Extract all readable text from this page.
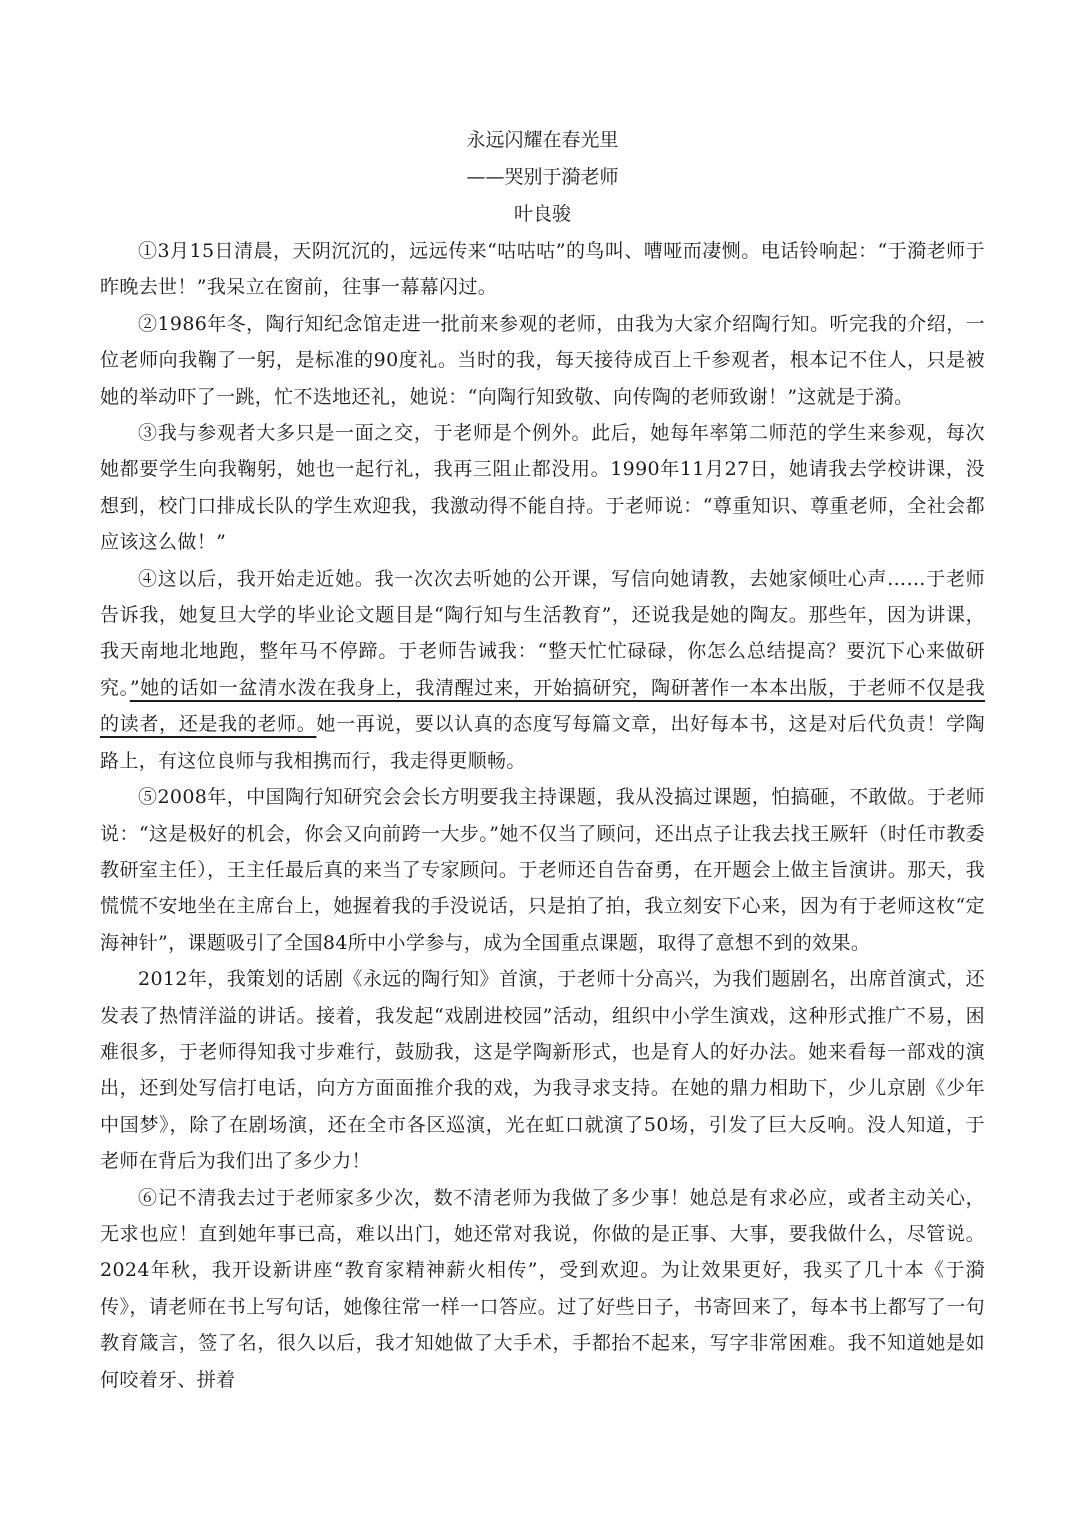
永远闪耀在春光里
——哭别于漪老师
叶良骏

①3月15日清晨，天阴沉沉的，远远传来“咕咕咕”的鸟叫、嘈哑而凄恻。电话铃响起：“于漪老师于昨晚去世！”我呆立在窗前，往事一幕幕闪过。

②1986年冬，陶行知纪念馆走进一批前来参观的老师，由我为大家介绍陶行知。听完我的介绍，一位老师向我鞠了一躬，是标准的90度礼。当时的我，每天接待成百上千参观者，根本记不住人，只是被她的举动吓了一跳，忙不迭地还礼，她说：“向陶行知致敬、向传陶的老师致谢！”这就是于漪。

③我与参观者大多只是一面之交，于老师是个例外。此后，她每年率第二师范的学生来参观，每次她都要学生向我鞠躬，她也一起行礼，我再三阻止都没用。1990年11月27日，她请我去学校讲课，没想到，校门口排成长队的学生欢迎我，我激动得不能自持。于老师说：“尊重知识、尊重老师，全社会都应该这么做！”

④这以后，我开始走近她。我一次次去听她的公开课，写信向她请教，去她家倾吐心声……于老师告诉我，她复旦大学的毕业论文题目是“陶行知与生活教育”，还说我是她的陶友。那些年，因为讲课，我天南地北地跑，整年马不停蹄。于老师告诫我：“整天忙忙碌碌，你怎么总结提高？要沉下心来做研究。”她的话如一盆清水泼在我身上，我清醒过来，开始搞研究，陶研著作一本本出版，于老师不仅是我的读者，还是我的老师。她一再说，要以认真的态度写每篇文章，出好每本书，这是对后代负责！学陶路上，有这位良师与我相携而行，我走得更顺畅。

⑤2008年，中国陶行知研究会会长方明要我主持课题，我从没搞过课题，怕搞砸，不敢做。于老师说：“这是极好的机会，你会又向前跨一大步。”她不仅当了顾问，还出点子让我去找王厥轩（时任市教委教研室主任），王主任最后真的来当了专家顾问。于老师还自告奋勇，在开题会上做主旨演讲。那天，我慌慌不安地坐在主席台上，她握着我的手没说话，只是拍了拍，我立刻安下心来，因为有于老师这枚“定海神针”，课题吸引了全国84所中小学参与，成为全国重点课题，取得了意想不到的效果。

2012年，我策划的话剧《永远的陶行知》首演，于老师十分高兴，为我们题剧名，出席首演式，还发表了热情洋溢的讲话。接着，我发起“戏剧进校园”活动，组织中小学生演戏，这种形式推广不易，困难很多，于老师得知我寸步难行，鼓励我，这是学陶新形式，也是育人的好办法。她来看每一部戏的演出，还到处写信打电话，向方方面面推介我的戏，为我寻求支持。在她的鼎力相助下，少儿京剧《少年中国梦》，除了在剧场演，还在全市各区巡演，光在虹口就演了50场，引发了巨大反响。没人知道，于老师在背后为我们出了多少力！

⑥记不清我去过于老师家多少次，数不清老师为我做了多少事！她总是有求必应，或者主动关心，无求也应！直到她年事已高，难以出门，她还常对我说，你做的是正事、大事，要我做什么，尽管说。2024年秋，我开设新讲座“教育家精神薪火相传”，受到欢迎。为让效果更好，我买了几十本《于漪传》，请老师在书上写句话，她像往常一样一口答应。过了好些日子，书寄回来了，每本书上都写了一句教育箴言，签了名，很久以后，我才知她做了大手术，手都抬不起来，写字非常困难。我不知道她是如何咬着牙、拼着
